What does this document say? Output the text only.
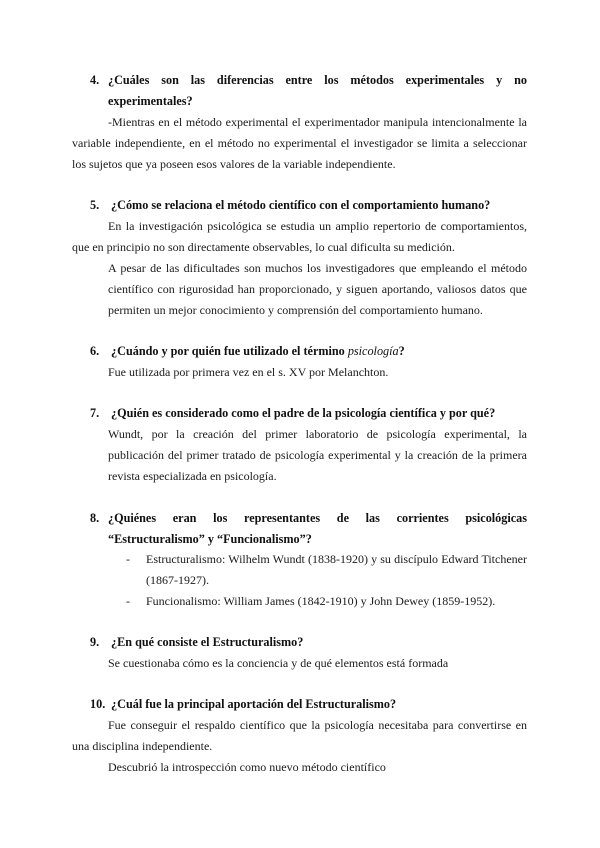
4. ¿Cuáles son las diferencias entre los métodos experimentales y no experimentales?
-Mientras en el método experimental el experimentador manipula intencionalmente la variable independiente, en el método no experimental el investigador se limita a seleccionar los sujetos que ya poseen esos valores de la variable independiente.
5. ¿Cómo se relaciona el método científico con el comportamiento humano?
En la investigación psicológica se estudia un amplio repertorio de comportamientos, que en principio no son directamente observables, lo cual dificulta su medición.
A pesar de las dificultades son muchos los investigadores que empleando el método científico con rigurosidad han proporcionado, y siguen aportando, valiosos datos que permiten un mejor conocimiento y comprensión del comportamiento humano.
6. ¿Cuándo y por quién fue utilizado el término psicología?
Fue utilizada por primera vez en el s. XV por Melanchton.
7. ¿Quién es considerado como el padre de la psicología científica y por qué?
Wundt, por la creación del primer laboratorio de psicología experimental, la publicación del primer tratado de psicología experimental y la creación de la primera revista especializada en psicología.
8. ¿Quiénes eran los representantes de las corrientes psicológicas “Estructuralismo” y “Funcionalismo”?
- Estructuralismo: Wilhelm Wundt (1838-1920) y su discípulo Edward Titchener (1867-1927).
- Funcionalismo: William James (1842-1910) y John Dewey (1859-1952).
9. ¿En qué consiste el Estructuralismo?
Se cuestionaba cómo es la conciencia y de qué elementos está formada
10. ¿Cuál fue la principal aportación del Estructuralismo?
Fue conseguir el respaldo científico que la psicología necesitaba para convertirse en una disciplina independiente.
Descubrió la introspección como nuevo método científico
